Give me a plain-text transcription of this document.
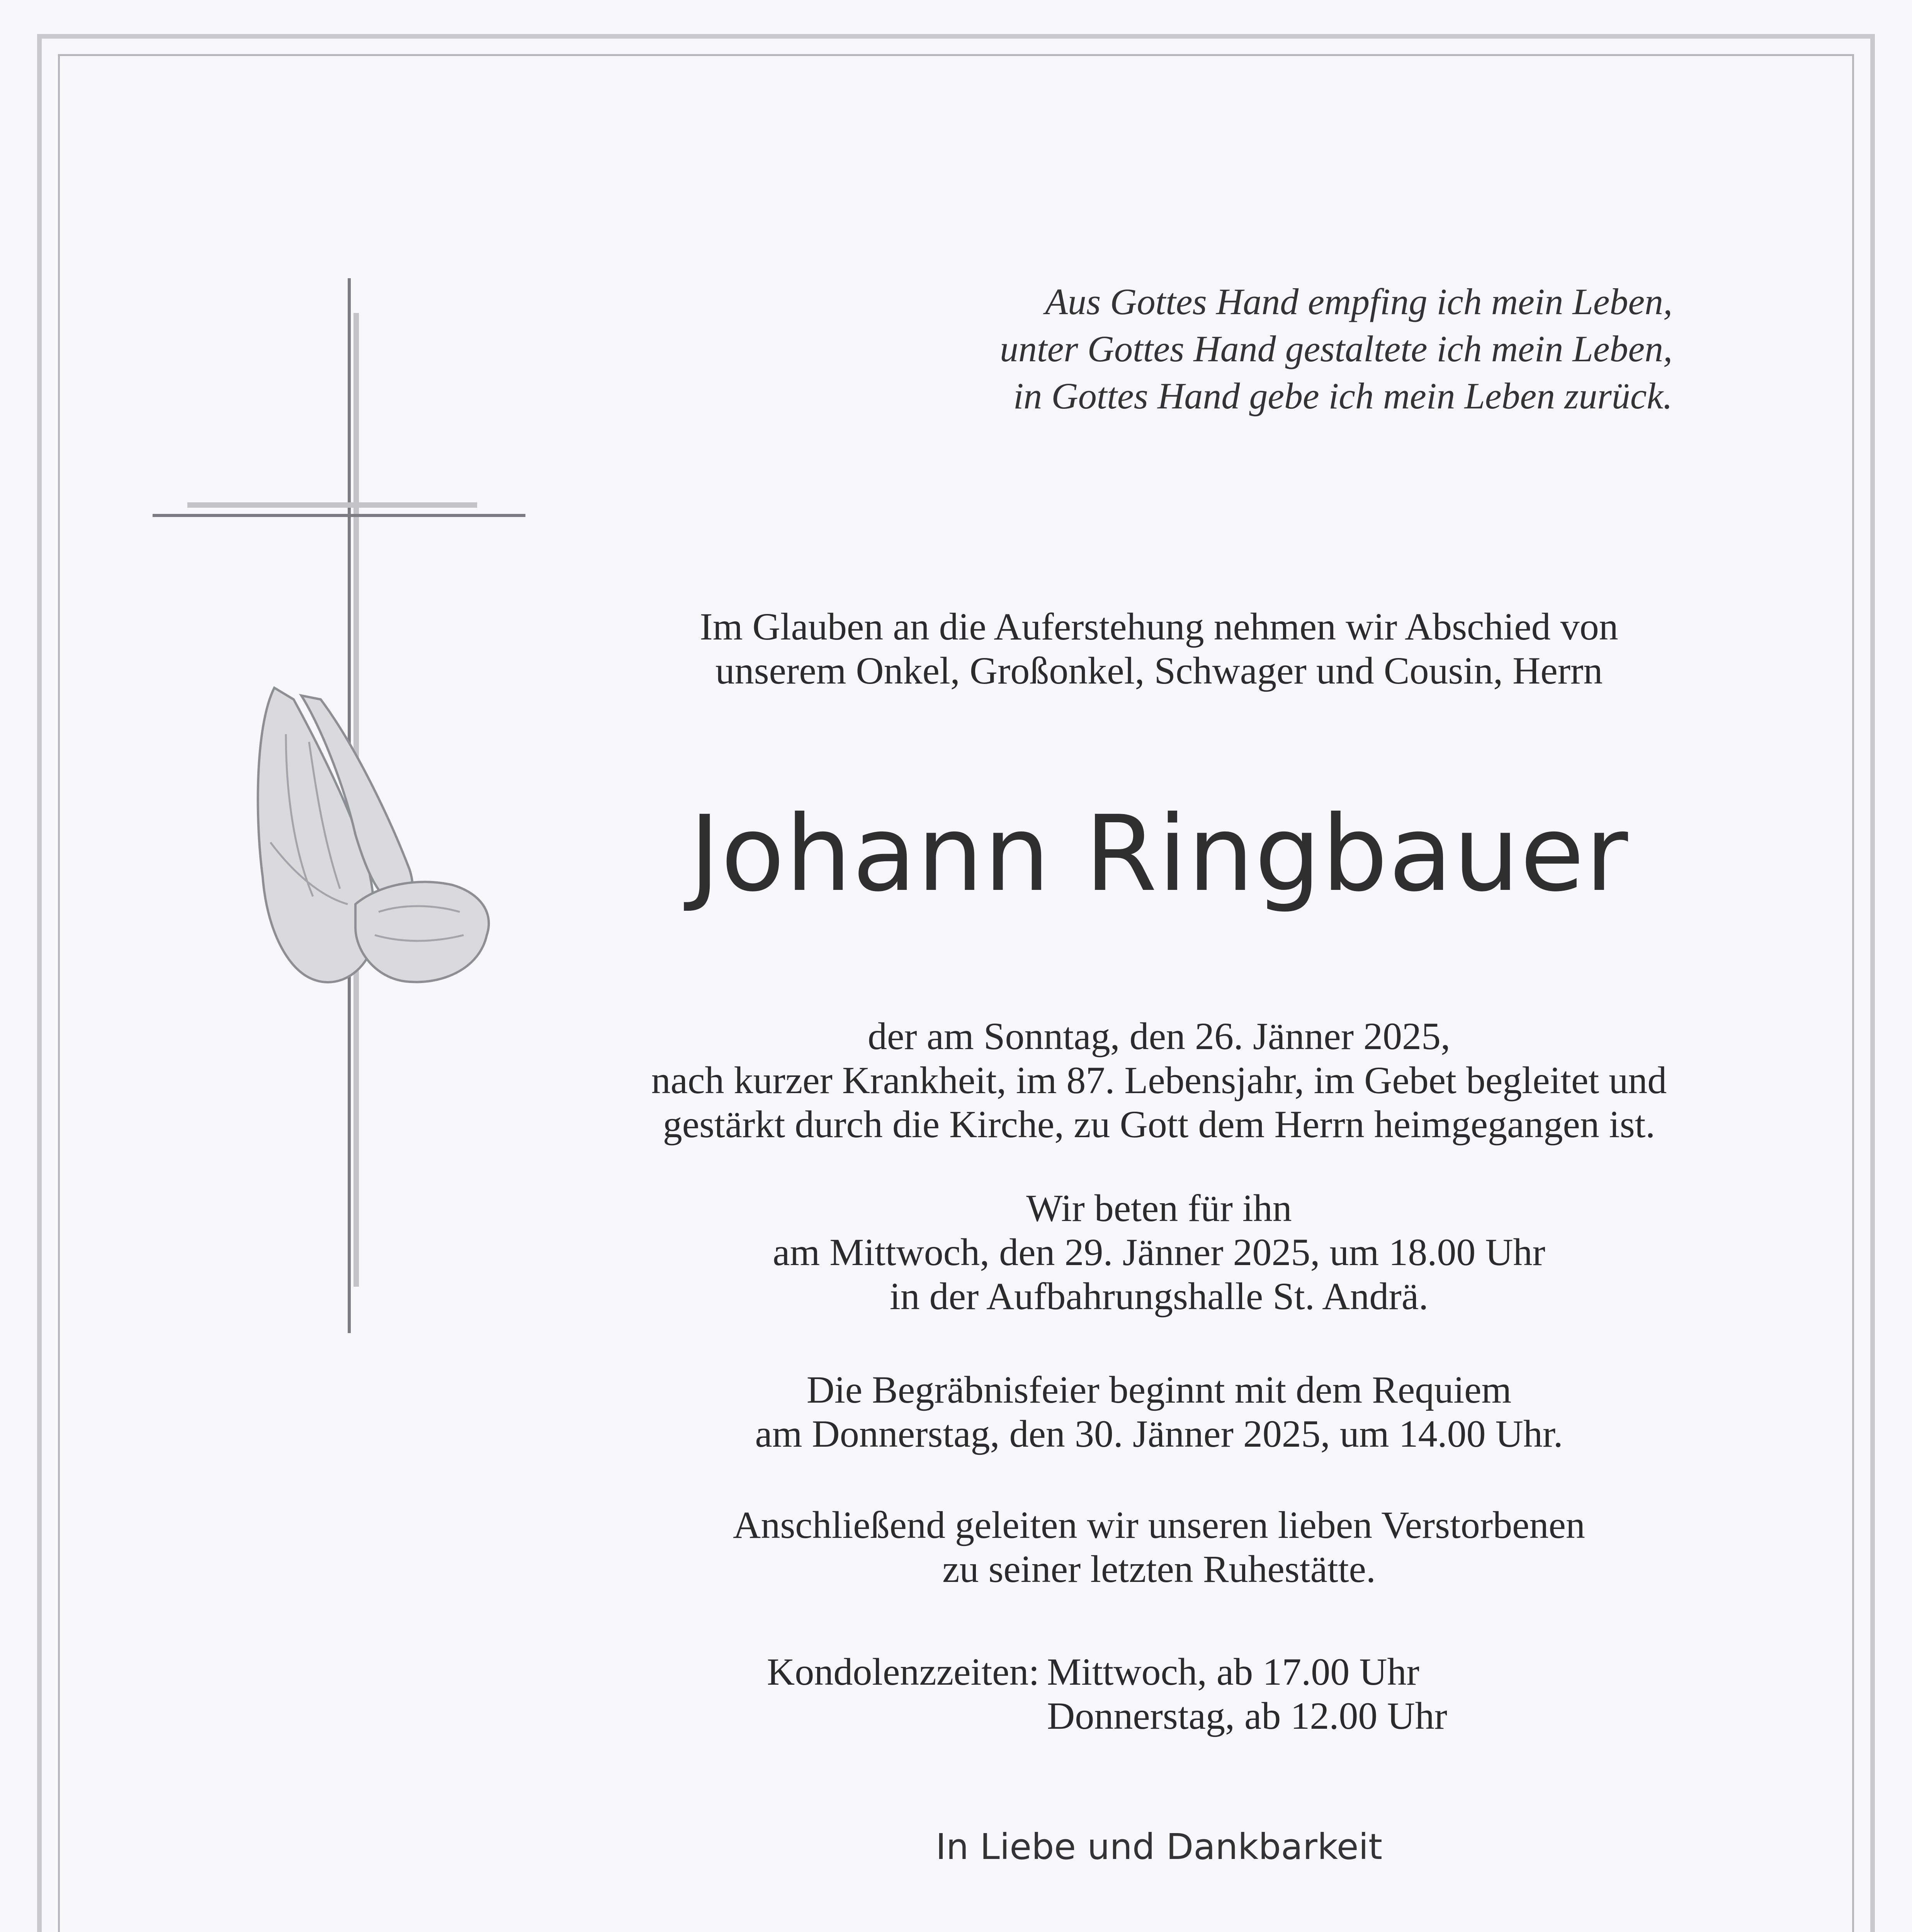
Aus Gottes Hand empfing ich mein Leben,
unter Gottes Hand gestaltete ich mein Leben,
in Gottes Hand gebe ich mein Leben zurück.
Im Glauben an die Auferstehung nehmen wir Abschied von
unserem Onkel, Großonkel, Schwager und Cousin, Herrn
Johann Ringbauer
der am Sonntag, den 26. Jänner 2025,
nach kurzer Krankheit, im 87. Lebensjahr, im Gebet begleitet und
gestärkt durch die Kirche, zu Gott dem Herrn heimgegangen ist.
Wir beten für ihn
am Mittwoch, den 29. Jänner 2025, um 18.00 Uhr
in der Aufbahrungshalle St. Andrä.
Die Begräbnisfeier beginnt mit dem Requiem
am Donnerstag, den 30. Jänner 2025, um 14.00 Uhr.
Anschließend geleiten wir unseren lieben Verstorbenen
zu seiner letzten Ruhestätte.
Kondolenzzeiten: Mittwoch, ab 17.00 Uhr
Donnerstag, ab 12.00 Uhr
In Liebe und Dankbarkeit
